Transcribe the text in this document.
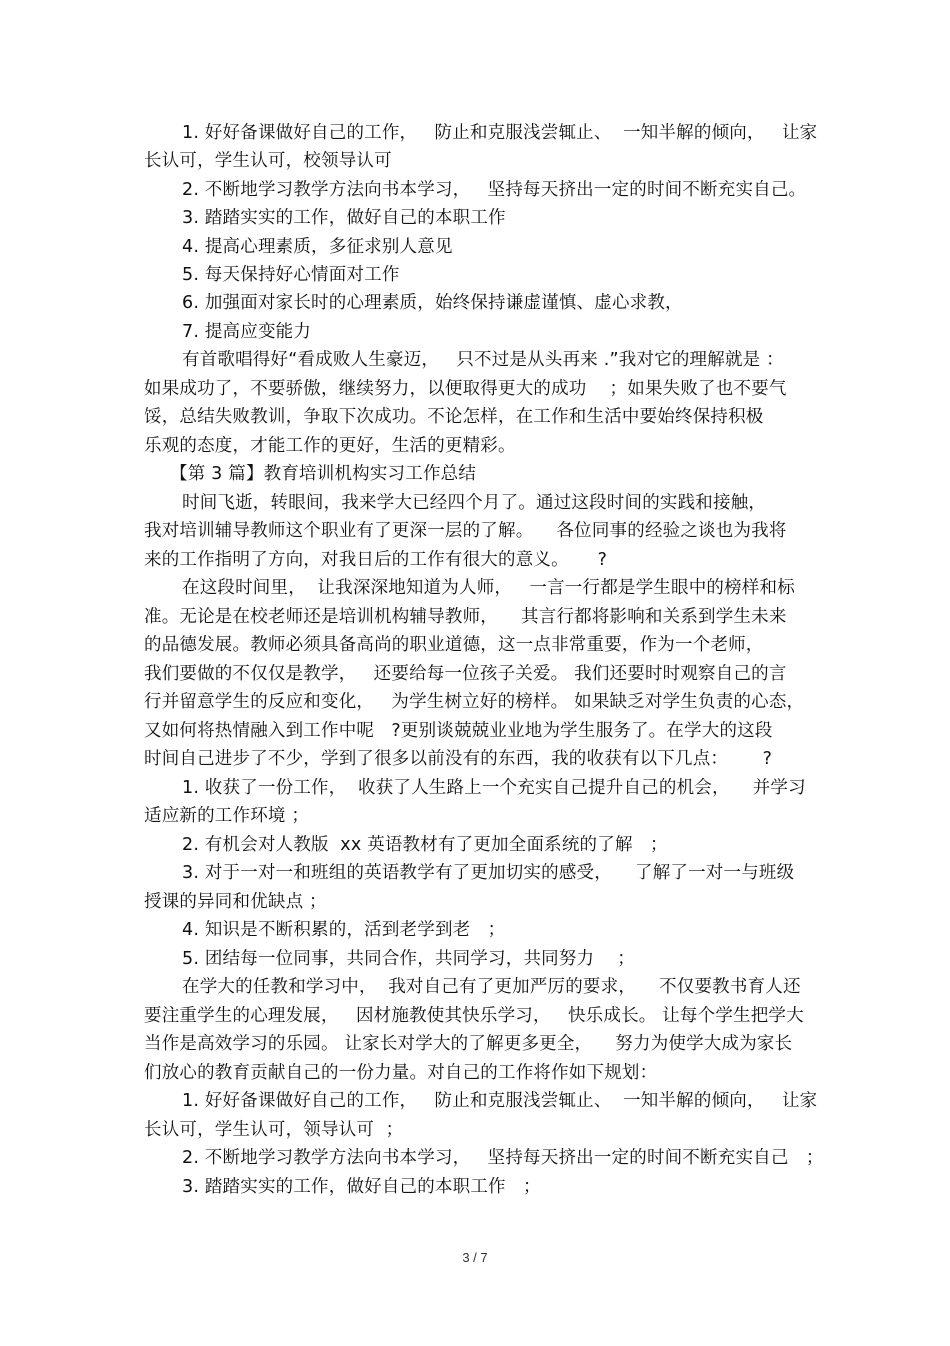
1. 好好备课做好自己的工作，   防止和克服浅尝辄止、  一知半解的倾向，   让家
长认可，学生认可，校领导认可
2. 不断地学习教学方法向书本学习，   坚持每天挤出一定的时间不断充实自己。
3. 踏踏实实的工作，做好自己的本职工作
4. 提高心理素质，多征求别人意见
5. 每天保持好心情面对工作
6. 加强面对家长时的心理素质，始终保持谦虚谨慎、虚心求教，
7. 提高应变能力
有首歌唱得好“看成败人生豪迈，   只不过是从头再来 .”我对它的理解就是 ：
如果成功了，不要骄傲，继续努力，以便取得更大的成功    ；如果失败了也不要气
馁，总结失败教训，争取下次成功。不论怎样，在工作和生活中要始终保持积极
乐观的态度，才能工作的更好，生活的更精彩。
【第 3 篇】教育培训机构实习工作总结
时间飞逝，转眼间，我来学大已经四个月了。通过这段时间的实践和接触，
我对培训辅导教师这个职业有了更深一层的了解。    各位同事的经验之谈也为我将
来的工作指明了方向，对我日后的工作有很大的意义。     ?
在这段时间里，  让我深深地知道为人师，   一言一行都是学生眼中的榜样和标
准。无论是在校老师还是培训机构辅导教师，    其言行都将影响和关系到学生未来
的品德发展。教师必须具备高尚的职业道德，这一点非常重要，作为一个老师，
我们要做的不仅仅是教学，   还要给每一位孩子关爱。 我们还要时时观察自己的言
行并留意学生的反应和变化，   为学生树立好的榜样。 如果缺乏对学生负责的心态，
又如何将热情融入到工作中呢   ?更别谈兢兢业业地为学生服务了。在学大的这段
时间自己进步了不少，学到了很多以前没有的东西，我的收获有以下几点：      ?
1. 收获了一份工作，  收获了人生路上一个充实自己提升自己的机会，    并学习
适应新的工作环境 ；
2. 有机会对人教版  xx 英语教材有了更加全面系统的了解   ；
3. 对于一对一和班组的英语教学有了更加切实的感受，    了解了一对一与班级
授课的异同和优缺点 ；
4. 知识是不断积累的，活到老学到老   ；
5. 团结每一位同事，共同合作，共同学习，共同努力    ；
在学大的任教和学习中，  我对自己有了更加严厉的要求，    不仅要教书育人还
要注重学生的心理发展，   因材施教使其快乐学习，   快乐成长。 让每个学生把学大
当作是高效学习的乐园。 让家长对学大的了解更多更全，    努力为使学大成为家长
们放心的教育贡献自己的一份力量。对自己的工作将作如下规划：
1. 好好备课做好自己的工作，   防止和克服浅尝辄止、  一知半解的倾向，   让家
长认可，学生认可，领导认可  ；
2. 不断地学习教学方法向书本学习，   坚持每天挤出一定的时间不断充实自己   ；
3. 踏踏实实的工作，做好自己的本职工作   ；
3 / 7
